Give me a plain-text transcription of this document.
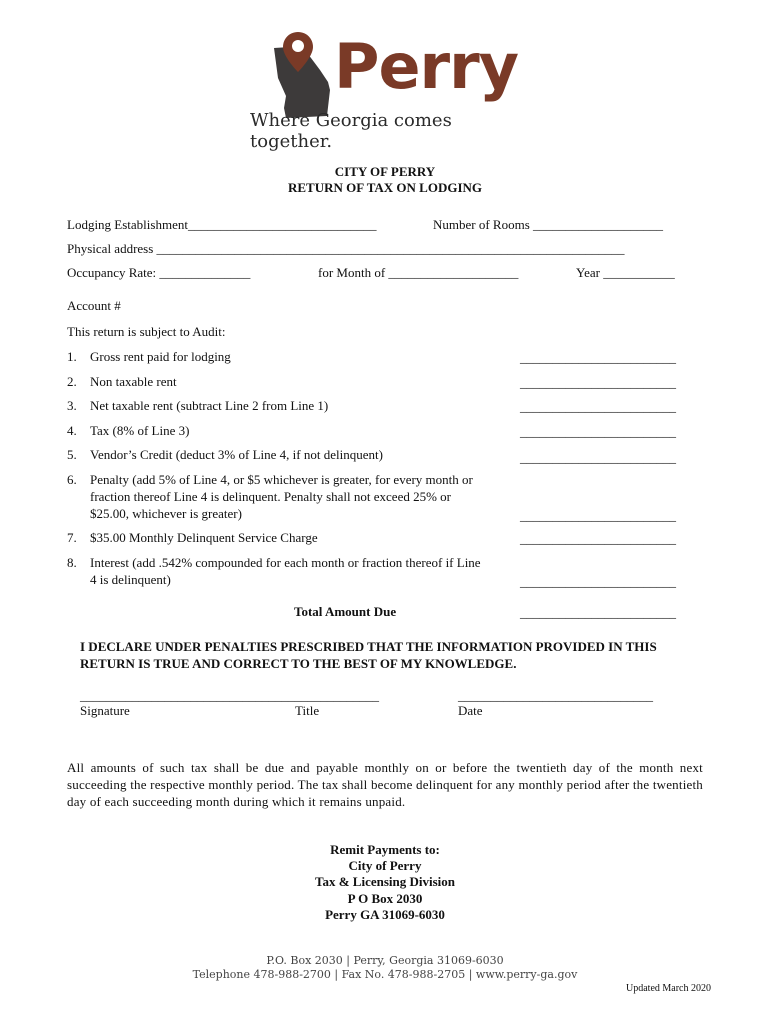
Perry
Where Georgia comes together.
CITY OF PERRY
RETURN OF TAX ON LODGING
Lodging Establishment_____________________________	Number of Rooms ____________________
Physical address ________________________________________________________________________
Occupancy Rate: ______________	for Month of ____________________	Year ___________
Account #
This return is subject to Audit:
1. Gross rent paid for lodging	________________________
2. Non taxable rent	________________________
3. Net taxable rent (subtract Line 2 from Line 1)	________________________
4. Tax (8% of Line 3)	________________________
5. Vendor’s Credit (deduct 3% of Line 4, if not delinquent)	________________________
6. Penalty (add 5% of Line 4, or $5 whichever is greater, for every month or fraction thereof Line 4 is delinquent. Penalty shall not exceed 25% or $25.00, whichever is greater)	________________________
7. $35.00 Monthly Delinquent Service Charge	________________________
8. Interest (add .542% compounded for each month or fraction thereof if Line 4 is delinquent)	________________________
Total Amount Due	________________________
I DECLARE UNDER PENALTIES PRESCRIBED THAT THE INFORMATION PROVIDED IN THIS RETURN IS TRUE AND CORRECT TO THE BEST OF MY KNOWLEDGE.
______________________________________________	______________________________
Signature	Title	Date
All amounts of such tax shall be due and payable monthly on or before the twentieth day of the month next succeeding the respective monthly period. The tax shall become delinquent for any monthly period after the twentieth day of each succeeding month during which it remains unpaid.
Remit Payments to:
City of Perry
Tax & Licensing Division
P O Box 2030
Perry GA 31069-6030
P.O. Box 2030 | Perry, Georgia 31069-6030
Telephone 478-988-2700 | Fax No. 478-988-2705 | www.perry-ga.gov
Updated March 2020
